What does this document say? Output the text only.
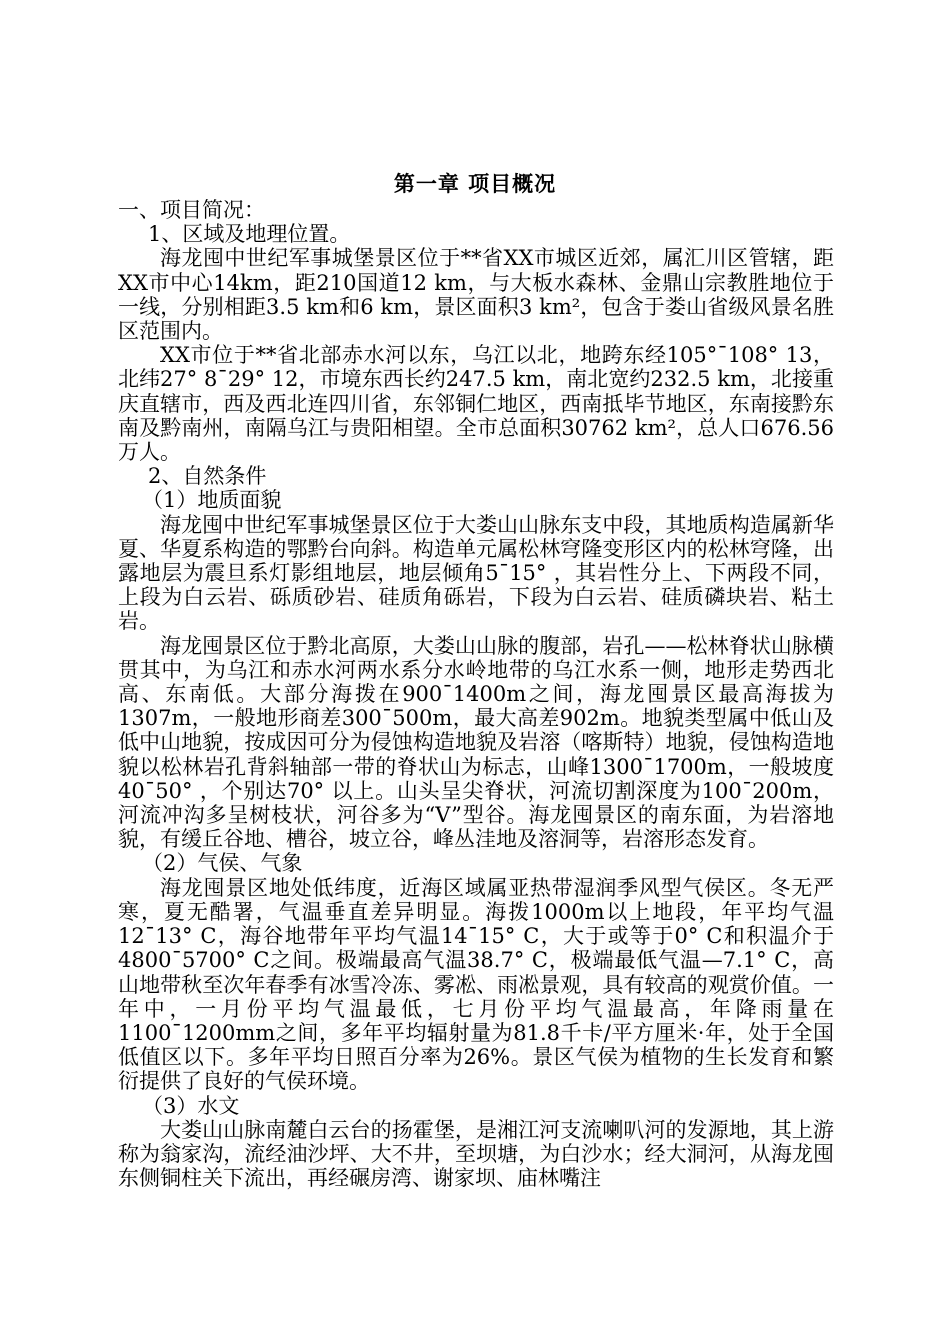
第一章 项目概况

一、项目简况：

1、区域及地理位置。

海龙囤中世纪军事城堡景区位于**省XX市城区近郊，属汇川区管辖，距XX市中心14km，距210国道12 km，与大板水森林、金鼎山宗教胜地位于一线，分别相距3.5 km和6 km，景区面积3 km²，包含于娄山省级风景名胜区范围内。

XX市位于**省北部赤水河以东，乌江以北，地跨东经105°¯108° 13，北纬27° 8¯29° 12，市境东西长约247.5 km，南北宽约232.5 km，北接重庆直辖市，西及西北连四川省，东邻铜仁地区，西南抵毕节地区，东南接黔东南及黔南州，南隔乌江与贵阳相望。全市总面积30762 km²，总人口676.56万人。

2、自然条件

（1）地质面貌

海龙囤中世纪军事城堡景区位于大娄山山脉东支中段，其地质构造属新华夏、华夏系构造的鄂黔台向斜。构造单元属松林穹隆变形区内的松林穹隆，出露地层为震旦系灯影组地层，地层倾角5¯15° ，其岩性分上、下两段不同，上段为白云岩、砾质砂岩、硅质角砾岩，下段为白云岩、硅质磷块岩、粘土岩。

海龙囤景区位于黔北高原，大娄山山脉的腹部，岩孔——松林脊状山脉横贯其中，为乌江和赤水河两水系分水岭地带的乌江水系一侧，地形走势西北高、东南低。大部分海拨在900¯1400m之间，海龙囤景区最高海拔为1307m，一般地形商差300¯500m，最大高差902m。地貌类型属中低山及低中山地貌，按成因可分为侵蚀构造地貌及岩溶（喀斯特）地貌，侵蚀构造地貌以松林岩孔背斜轴部一带的脊状山为标志，山峰1300¯1700m，一般坡度40¯50° ，个别达70° 以上。山头呈尖脊状，河流切割深度为100¯200m，河流冲沟多呈树枝状，河谷多为“V”型谷。海龙囤景区的南东面，为岩溶地貌，有缓丘谷地、槽谷，坡立谷，峰丛洼地及溶洞等，岩溶形态发育。

（2）气侯、气象

海龙囤景区地处低纬度，近海区域属亚热带湿润季风型气侯区。冬无严寒，夏无酷署，气温垂直差异明显。海拨1000m以上地段，年平均气温12¯13° C，海谷地带年平均气温14¯15° C，大于或等于0° C和积温介于4800¯5700° C之间。极端最高气温38.7° C，极端最低气温—7.1° C，高山地带秋至次年春季有冰雪冷冻、雾凇、雨凇景观，具有较高的观赏价值。一年中，一月份平均气温最低，七月份平均气温最高，年降雨量在1100¯1200mm之间，多年平均辐射量为81.8千卡/平方厘米·年，处于全国低值区以下。多年平均日照百分率为26%。景区气侯为植物的生长发育和繁衍提供了良好的气侯环境。

（3）水文

大娄山山脉南麓白云台的扬霍堡，是湘江河支流喇叭河的发源地，其上游称为翁家沟，流经油沙坪、大不井，至坝塘，为白沙水；经大洞河，从海龙囤东侧铜柱关下流出，再经碾房湾、谢家坝、庙林嘴注
